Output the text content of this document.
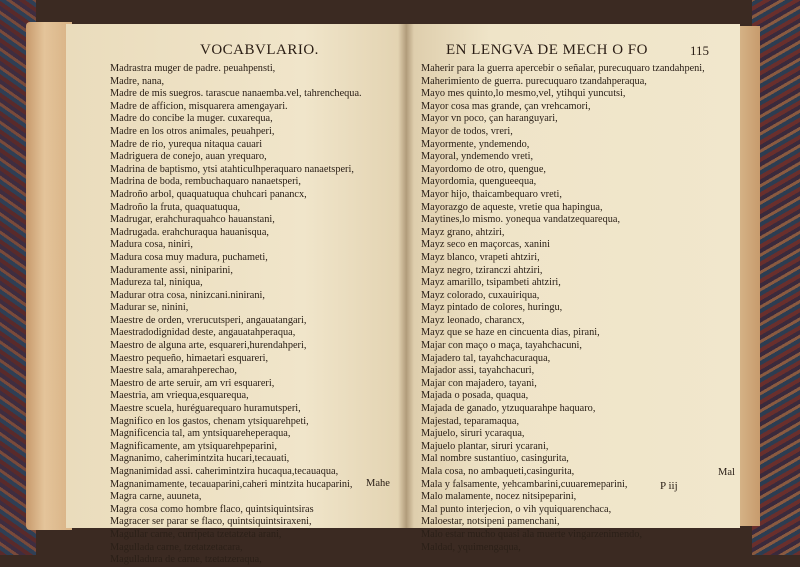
VOCABVLARIO.	EN LENGVA DE MECH O FO	115
Madrastra muger de padre. peuahpensti,
Madre, nana,
Madre de mis suegros. tarascue nanaemba.vel, tahrenchequa.
Madre de afficion, misquarera amengayari.
Madre do concibe la muger. cuxarequa,
Madre en los otros animales, peuahperi,
Madre de rio, yurequa nitaqua cauari
Madriguera de conejo, auan yrequaro,
Madrina de baptismo, ytsi atahticulhperaquaro nanaetsperi,
Madrina de boda, rembuchaquaro nanaetsperi,
Madroño arbol, quaquatuqua chuhcari panancx,
Madroño la fruta, quaquatuqua,
Madrugar, erahchuraquahco hauanstani,
Madrugada. erahchuraqua hauanisqua,
Madura cosa, niniri,
Madura cosa muy madura, puchameti,
Maduramente assi, niniparini,
Madureza tal, niniqua,
Madurar otra cosa, ninizcani.ninirani,
Madurar se, ninini,
Maestre de orden, vrerucutsperi, angauatangari,
Maestradodignidad deste, angauatahperaqua,
Maestro de alguna arte, esquareri,hurendahperi,
Maestro pequeño, himaetari esquareri,
Maestre sala, amarahperechao,
Maestro de arte seruir, am vri esquareri,
Maestria, am vriequa,esquarequa,
Maestre scuela, huréguarequaro huramutsperi,
Magnifico en los gastos, chenam ytsiquarehpeti,
Magnificencia tal, am yntsiquareheperaqua,
Magnificamente, am ytsiquarehpeparini,
Magnanimo, caherimintzita hucari,tecauati,
Magnanimidad assi. caherimintzira hucaqua,tecauaqua,
Magnanimamente, tecauaparini,caheri mintzita hucaparini,
Magra carne, auuneta,
Magra cosa como hombre flaco, quintsiquintsiras
Magracer ser parar se flaco, quintsiquintsiraxeni,
Magullar carne, curripeta tzetatzeta arani,
Magullada carne, tzetatzetacara,
Magulladura de carne, tzetatzeraqua,
Maherir para la guerra apercebir o señalar, purecuquaro tzandahpeni,
Maherimiento de guerra. purecuquaro tzandahperaqua,
Mayo mes quinto,lo mesmo,vel, ytihqui yuncutsi,
Mayor cosa mas grande, çan vrehcamori,
Mayor vn poco, çan haranguyari,
Mayor de todos, vreri,
Mayormente, yndemendo,
Mayoral, yndemendo vreti,
Mayordomo de otro, quengue,
Mayordomia, quengueequa,
Mayor hijo, thaicambequaro vreti,
Mayorazgo de aqueste, vretie qua hapingua,
Maytines,lo mismo. yonequa vandatzequarequa,
Mayz grano, ahtziri,
Mayz seco en maçorcas, xanini
Mayz blanco, vrapeti ahtziri,
Mayz negro, tziranczi ahtziri,
Mayz amarillo, tsipambeti ahtziri,
Mayz colorado, cuxauiriqua,
Mayz pintado de colores, huringu,
Mayz leonado, charancx,
Mayz que se haze en cincuenta dias, pirani,
Majar con maço o maça, tayahchacuni,
Majadero tal, tayahchacuraqua,
Majador assi, tayahchacuri,
Majar con majadero, tayani,
Majada o posada, quaqua,
Majada de ganado, ytzuquarahpe haquaro,
Majestad, teparamaqua,
Majuelo, siruri ycaraqua,
Majuelo plantar, siruri ycarani,
Mal nombre sustantiuo, casingurita,
Mala cosa, no ambaqueti,casingurita,
Mala y falsamente, yehcambarini,cuuaremeparini,
Malo malamente, nocez nitsipeparini,
Mal punto interjecion, o vih yquiquarenchaca,
Maloestar, notsipeni pamenchani,
Malo estar mucho quasi ala muerte vingarzenimendo,
Maldad, yquimengaqua,
Mahe
Mal
P iij
